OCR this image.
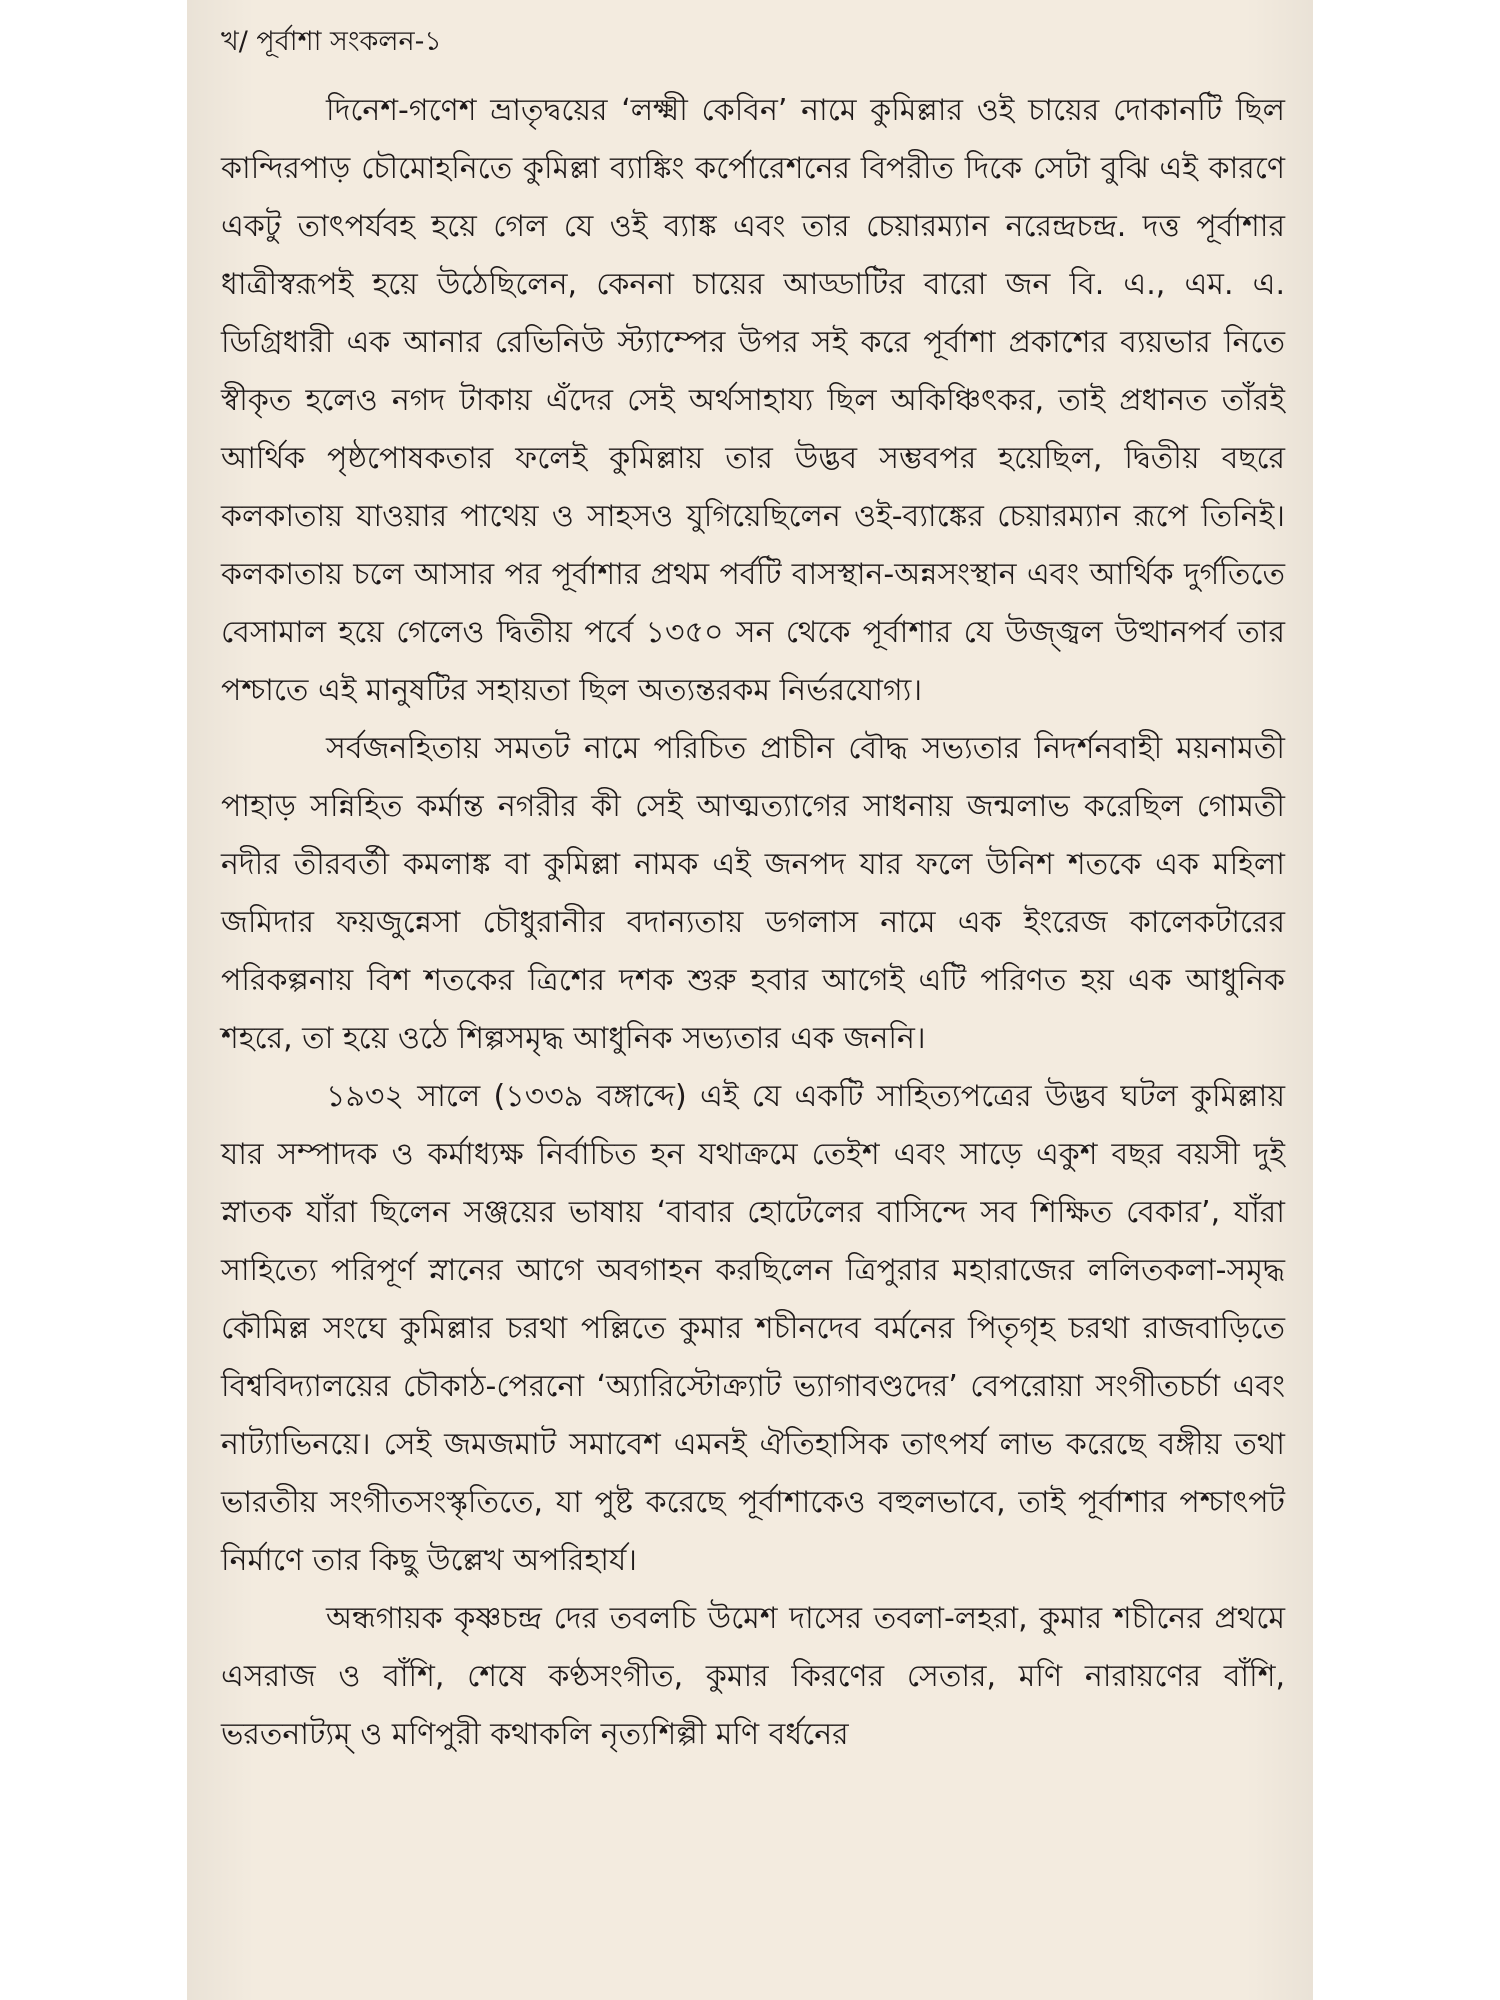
খ/ পূর্বাশা সংকলন-১

দিনেশ-গণেশ ভ্রাতৃদ্বয়ের ‘লক্ষ্মী কেবিন’ নামে কুমিল্লার ওই চায়ের দোকানটি ছিল কান্দিরপাড় চৌমোহনিতে কুমিল্লা ব্যাঙ্কিং কর্পোরেশনের বিপরীত দিকে সেটা বুঝি এই কারণে একটু তাৎপর্যবহ হয়ে গেল যে ওই ব্যাঙ্ক এবং তার চেয়ারম্যান নরেন্দ্রচন্দ্র. দত্ত পূর্বাশার ধাত্রীস্বরূপই হয়ে উঠেছিলেন, কেননা চায়ের আড্ডাটির বারো জন বি. এ., এম. এ. ডিগ্রিধারী এক আনার রেভিনিউ স্ট্যাম্পের উপর সই করে পূর্বাশা প্রকাশের ব্যয়ভার নিতে স্বীকৃত হলেও নগদ টাকায় এঁদের সেই অর্থসাহায্য ছিল অকিঞ্চিৎকর, তাই প্রধানত তাঁরই আর্থিক পৃষ্ঠপোষকতার ফলেই কুমিল্লায় তার উদ্ভব সম্ভবপর হয়েছিল, দ্বিতীয় বছরে কলকাতায় যাওয়ার পাথেয় ও সাহসও যুগিয়েছিলেন ওই-ব্যাঙ্কের চেয়ারম্যান রূপে তিনিই। কলকাতায় চলে আসার পর পূর্বাশার প্রথম পর্বটি বাসস্থান-অন্নসংস্থান এবং আর্থিক দুর্গতিতে বেসামাল হয়ে গেলেও দ্বিতীয় পর্বে ১৩৫০ সন থেকে পূর্বাশার যে উজ্জ্বল উত্থানপর্ব তার পশ্চাতে এই মানুষটির সহায়তা ছিল অত্যন্তরকম নির্ভরযোগ্য।

সর্বজনহিতায় সমতট নামে পরিচিত প্রাচীন বৌদ্ধ সভ্যতার নিদর্শনবাহী ময়নামতী পাহাড় সন্নিহিত কর্মান্ত নগরীর কী সেই আত্মত্যাগের সাধনায় জন্মলাভ করেছিল গোমতী নদীর তীরবর্তী কমলাঙ্ক বা কুমিল্লা নামক এই জনপদ যার ফলে উনিশ শতকে এক মহিলা জমিদার ফয়জুন্নেসা চৌধুরানীর বদান্যতায় ডগলাস নামে এক ইংরেজ কালেকটারের পরিকল্পনায় বিশ শতকের ত্রিশের দশক শুরু হবার আগেই এটি পরিণত হয় এক আধুনিক শহরে, তা হয়ে ওঠে শিল্পসমৃদ্ধ আধুনিক সভ্যতার এক জননি।

১৯৩২ সালে (১৩৩৯ বঙ্গাব্দে) এই যে একটি সাহিত্যপত্রের উদ্ভব ঘটল কুমিল্লায় যার সম্পাদক ও কর্মাধ্যক্ষ নির্বাচিত হন যথাক্রমে তেইশ এবং সাড়ে একুশ বছর বয়সী দুই স্নাতক যাঁরা ছিলেন সঞ্জয়ের ভাষায় ‘বাবার হোটেলের বাসিন্দে সব শিক্ষিত বেকার’, যাঁরা সাহিত্যে পরিপূর্ণ স্নানের আগে অবগাহন করছিলেন ত্রিপুরার মহারাজের ললিতকলা-সমৃদ্ধ কৌমিল্ল সংঘে কুমিল্লার চরথা পল্লিতে কুমার শচীনদেব বর্মনের পিতৃগৃহ চরথা রাজবাড়িতে বিশ্ববিদ্যালয়ের চৌকাঠ-পেরনো ‘অ্যারিস্টোক্র্যাট ভ্যাগাবণ্ডদের’ বেপরোয়া সংগীতচর্চা এবং নাট্যাভিনয়ে। সেই জমজমাট সমাবেশ এমনই ঐতিহাসিক তাৎপর্য লাভ করেছে বঙ্গীয় তথা ভারতীয় সংগীতসংস্কৃতিতে, যা পুষ্ট করেছে পূর্বাশাকেও বহুলভাবে, তাই পূর্বাশার পশ্চাৎপট নির্মাণে তার কিছু উল্লেখ অপরিহার্য।

অন্ধগায়ক কৃষ্ণচন্দ্র দের তবলচি উমেশ দাসের তবলা-লহরা, কুমার শচীনের প্রথমে এসরাজ ও বাঁশি, শেষে কণ্ঠসংগীত, কুমার কিরণের সেতার, মণি নারায়ণের বাঁশি, ভরতনাট্যম্ ও মণিপুরী কথাকলি নৃত্যশিল্পী মণি বর্ধনের
